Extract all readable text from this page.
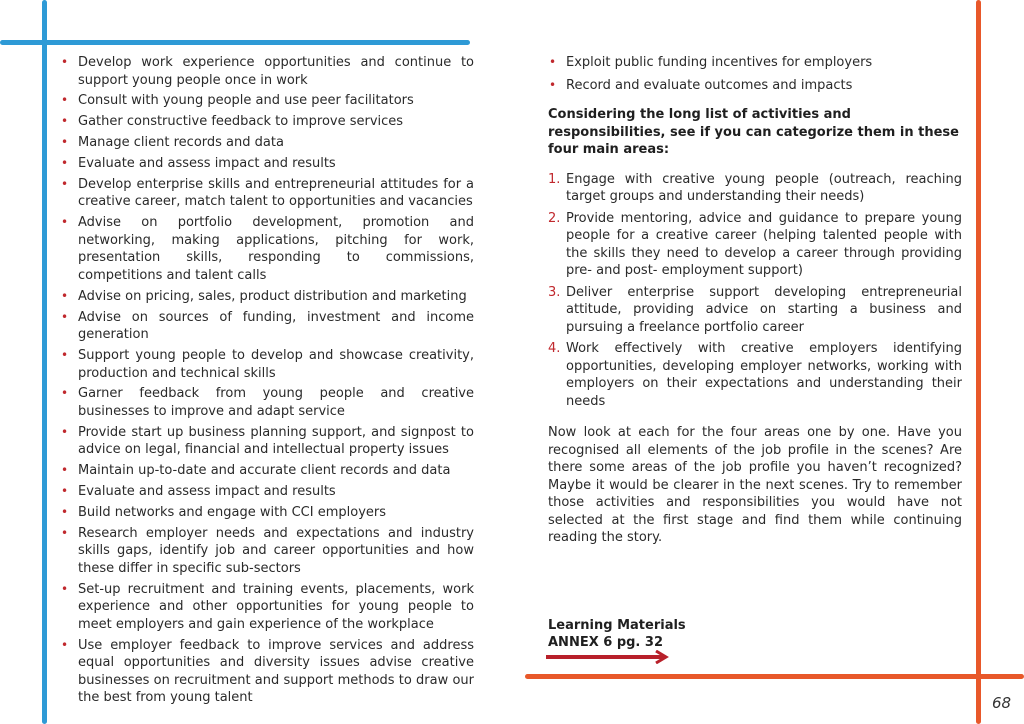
• Develop work experience opportunities and continue to support young people once in work
• Consult with young people and use peer facilitators
• Gather constructive feedback to improve services
• Manage client records and data
• Evaluate and assess impact and results
• Develop enterprise skills and entrepreneurial attitudes for a creative career, match talent to opportunities and vacancies
• Advise on portfolio development, promotion and networking, making applications, pitching for work, presentation skills, responding to commissions, competitions and talent calls
• Advise on pricing, sales, product distribution and marketing
• Advise on sources of funding, investment and income generation
• Support young people to develop and showcase creativity, production and technical skills
• Garner feedback from young people and creative businesses to improve and adapt service
• Provide start up business planning support, and signpost to advice on legal, financial and intellectual property issues
• Maintain up-to-date and accurate client records and data
• Evaluate and assess impact and results
• Build networks and engage with CCI employers
• Research employer needs and expectations and industry skills gaps, identify job and career opportunities and how these differ in specific sub-sectors
• Set-up recruitment and training events, placements, work experience and other opportunities for young people to meet employers and gain experience of the workplace
• Use employer feedback to improve services and address equal opportunities and diversity issues advise creative businesses on recruitment and support methods to draw our the best from young talent
• Exploit public funding incentives for employers
• Record and evaluate outcomes and impacts
Considering the long list of activities and responsibilities, see if you can categorize them in these four main areas:
1. Engage with creative young people (outreach, reaching target groups and understanding their needs)
2. Provide mentoring, advice and guidance to prepare young people for a creative career (helping talented people with the skills they need to develop a career through providing pre- and post- employment support)
3. Deliver enterprise support developing entrepreneurial attitude, providing advice on starting a business and pursuing a freelance portfolio career
4. Work effectively with creative employers identifying opportunities, developing employer networks, working with employers on their expectations and understanding their needs
Now look at each for the four areas one by one. Have you recognised all elements of the job profile in the scenes? Are there some areas of the job profile you haven’t recognized? Maybe it would be clearer in the next scenes. Try to remember those activities and responsibilities you would have not selected at the first stage and find them while continuing reading the story.
Learning Materials
ANNEX 6 pg. 32
68
